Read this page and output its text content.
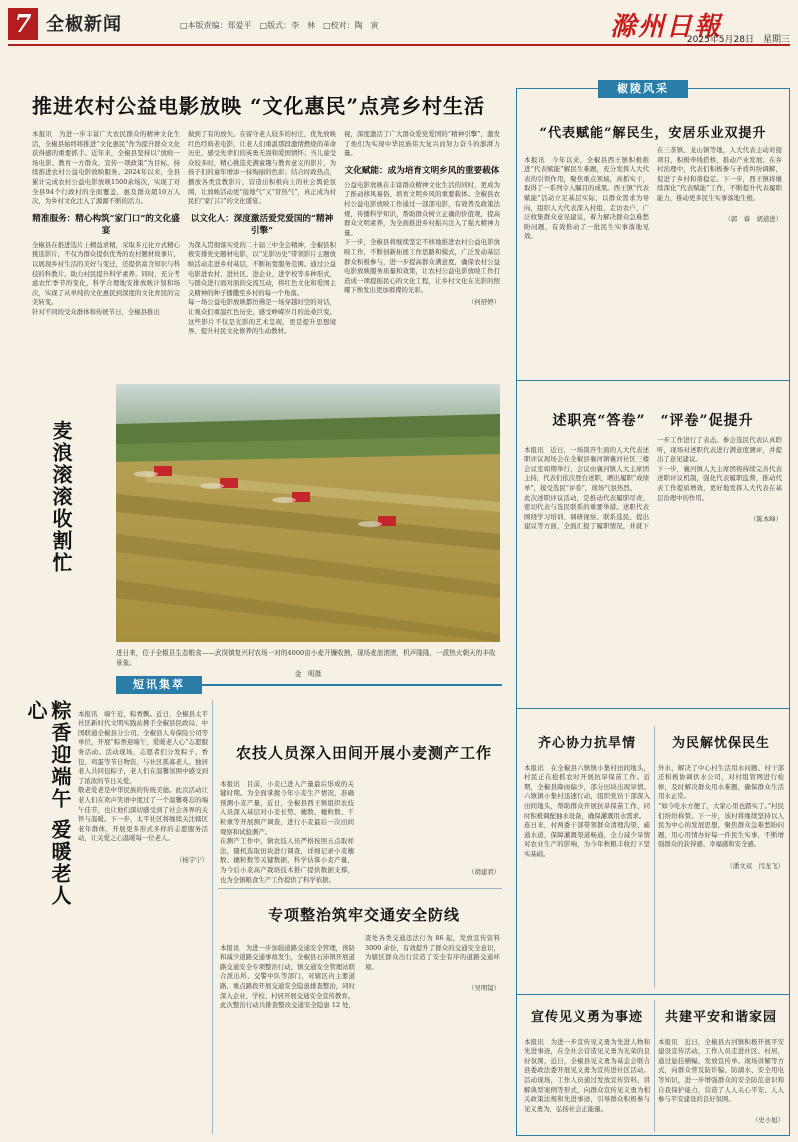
7 全椒新闻	□本版责编：郑爱平　□版式：李　林　□校对：陶　寅	滁州日報
2025年5月28日　星期三
推进农村公益电影放映 “文化惠民”点亮乡村生活
本报讯　为进一步丰富广大农民群众的精神文化生活，全椒县始终将推进“文化惠民”作为提升群众文化获得感的重要抓手。近年来，全椒县坚持以“放映一场电影、教育一方群众、宣传一项政策”为目标，持续推进农村公益电影放映服务。2024年以来，全县累计完成农村公益电影放映1500余场次，实现了对全县94个行政村的全面覆盖，惠及群众超10万人次，为乡村文化注入了源源不断的活力。
精准服务：精心构筑“家门口”的文化盛宴
全椒县在推进选片上精益求精，采取多元化方式精心挑选影片，不仅为群众提供优秀的农村题材故事片，以展现乡村生活的美好与变迁，还提供富含知识与科技的科教片，助力村民提升科学素养。同时，充分考虑农忙季节的变化，科学合理地安排放映计划和场次，实现了从单纯的文化惠民到深度的文化育民的完美转变。
针对不同的受众群体和传统节日，全椒县推出
做到了有的放矢。在留守老人较多的村庄，优先放映红色经典老电影，让老人们重温那段激情燃烧的革命历史，感受先辈们的英勇无畏和爱国情怀；当儿童受众较多时，精心挑选充满童趣与教育意义的影片，为孩子们的童年增添一抹绚丽的色彩；结合时政热点，播放各类宣教影片，营造出积极向上的社会舆论氛围，让放映活动更“接地气”又“冒热气”，真正成为村民们“家门口”的文化盛宴。
以文化人：深度激活爱党爱国的“精神引擎”
为深入贯彻落实党的二十届三中全会精神，全椒县积极安排党史题材电影，以“光影历史”带领影片主题放映活动走进乡村基层，不断拓宽服务范围。通过公益电影进农村、进社区、进企业、进学校等多种形式，与群众进行面对面的交流互动，将红色文化和爱国主义精神的种子播撒至乡村的每一个角落。
每一场公益电影放映都仿佛是一场穿越时空的对话，让观众们重温红色历史，感受峥嵘岁月的沧桑巨变。这些影片不仅是光影的艺术呈现，更是提升思想境界、提升村民文化修养的生动教材。
视，深度激活了广大群众爱党爱国的“精神引擎”，激发了他们为实现中华民族伟大复兴而努力奋斗的澎湃力量。
文化赋能：成为培育文明乡风的重要载体
公益电影放映在丰富群众精神文化生活的同时，更成为了推动移风易俗、培育文明乡风的重要载体。全椒县农村公益电影放映工作通过一部部电影，有效普及政策法规，传播科学知识，帮助群众树立正确的价值观，提高群众文明素养，为全面推进乡村振兴注入了强大精神力量。
下一步，全椒县将继续坚定不移地推进农村公益电影放映工作，不断创新拓展工作思路和模式，广泛发动基层群众积极参与，进一步提高群众满意度，确保农村公益电影放映服务质量和效果，让农村公益电影放映工作打造成一项提振民心的文化工程，让乡村文化在光影的照耀下焕发出更加璀璨的光彩。
（何舒婷）
麦浪滚滚收割忙
进日来，位于全椒县生态粮食——武岗镇复兴村农场一对的4000亩小麦开镰收割，现场麦浪滚滚，机声隆隆，一派热火朝天的丰收景象。
金　明摄
短讯集萃
粽香迎端午 爱暖老人心	本报讯　端午近，粽香飘。近日，全椒县太平社区新时代文明实践站携手全椒县民政局、中国联通全椒县分公司、全椒县人寿保险公司等单位，开展“粽香迎端午，爱暖老人心”志愿服务活动。活动现场，志愿者们分发粽子、香包、鸡蛋等节日物资，与社区孤寡老人、独居老人共同包粽子，老人们在温馨氛围中感受到了浓浓的节日关爱。
敬老爱老是中华民族的传统美德。此次活动让老人们在欢声笑语中度过了一个温馨难忘的端午佳节，也让他们深切感受到了社会各界的关怀与温暖。下一步，太平社区将继续关注辖区老年群体，开展更多形式多样的志愿服务活动，让关爱之心温暖每一位老人。

（杨宇宁）

农技人员深入田间开展小麦测产工作

本报讯　目前，小麦已进入产量最后形成的关键时期。为全面掌握今年小麦生产情况，准确预测小麦产量，近日，全椒县西王镇组织农技人员深入基层对小麦长势、穗数、穗粒数、千粒重等开展测产调查，进行小麦最后一次田间观察和试验测产。
在测产工作中，镇农技人员严格按照五点取样法，随机选取田块进行调查，详细记录小麦穗数、穗粒数等关键数据，科学估算小麦产量，为今后小麦高产栽培技术推广提供数据支撑，也为全镇粮食生产工作提供了科学依据。

（胡建君）
专项整治筑牢交通安全防线

本报讯　为进一步加强道路交通安全管理，预防和减少道路交通事故发生，全椒县石沛镇开展道路交通安全专项整治行动，镇交通安全管理站联合派出所、交警中队等部门，对辖区内主要道路、重点路段开展交通安全隐患排查整治，同时深入企业、学校、村居开展交通安全宣传教育。
此次整治行动共排查整改交通安全隐患 12 处，查处各类交通违法行为 86 起，发放宣传资料 3000 余份，有效提升了群众的交通安全意识，为辖区群众出行营造了安全有序的道路交通环境。

（吴明镜）

椒陵风采
“代表赋能”解民生，安居乐业双提升

本报讯　今年以来，全椒县西王镇积极推进“代表赋能”解民生难题，充分发挥人大代表的引领作用，聚焦重点领域，真抓实干，取得了一系列令人瞩目的成果。西王镇“代表赋能”活动立足基层实际，以群众需求为导向，组织人大代表深入村组、走访农户，广泛收集群众意见建议，着力解决群众急难愁盼问题，有效推动了一批民生实事落地见效。
在三茶镇、龙山镇等地，人大代表主动对接项目，积极牵线搭桥，推动产业发展；在乡村治理中，代表们积极参与矛盾纠纷调解，促进了乡村和谐稳定。下一步，西王镇将继续深化“代表赋能”工作，不断提升代表履职能力，推动更多民生实事落地生根。

（郭　睿　胡道进）

述职亮“答卷”　“评卷”促提升

本报讯　近日，一场别开生面的人大代表述职评议现场会在全椒县襄河镇襄河社区三楼会议室如期举行，会议由襄河镇人大主席团主持，代表们依次登台述职，晒出履职“成绩单”，接受选民“评卷”，现场气氛热烈。
此次述职评议活动，是推动代表履职尽责、密切代表与选民联系的重要举措。述职代表围绕学习培训、调研视察、联系选民、提出建议等方面，全面汇报了履职情况，并就下一步工作进行了表态。参会选民代表认真聆听，现场对述职代表进行满意度测评，并提出了意见建议。
下一步，襄河镇人大主席团将持续完善代表述职评议机制，强化代表履职监督，推动代表工作提质增效，更好地发挥人大代表在基层治理中的作用。

（陈本峰）

齐心协力抗旱情

本报讯　在全椒县六镇镇小集村田间地头，村民正在抢抓农时开展抗旱保苗工作。近期，全椒县降雨偏少，部分田块出现旱情。六镇镇小集村迅速行动，组织党员干部深入田间地头，帮助群众开展抗旱保苗工作，同时积极调配抽水设备，确保灌溉用水需求。
连日来，村两委干部带领群众清理沟渠、疏通水道，保障灌溉渠道畅通，全力减少旱情对农业生产的影响，为今年秋粮丰收打下坚实基础。

为民解忧保民生

外水，解决了中心村生活用水问题。村干部还积极协调供水公司，对村组管网进行检修，及时解决群众用水难题，确保群众生活用水正常。
“如今吃水方便了，大家心里也踏实了。”村民们纷纷称赞。下一步，该村将继续坚持以人民为中心的发展思想，聚焦群众急难愁盼问题，用心用情办好每一件民生实事，不断增强群众的获得感、幸福感和安全感。

（潘文双　闫龙飞）

宣传见义勇为事迹

本报讯　为进一步宣传见义勇为先进人物和先进事迹，在全社会营造见义勇为光荣的良好氛围，近日，全椒县见义勇为基金会联合县委政法委开展见义勇为宣传进社区活动。活动现场，工作人员通过发放宣传资料、讲解典型案例等形式，向群众宣传见义勇为相关政策法规和先进事迹，引导群众积极参与见义勇为，弘扬社会正能量。

共建平安和谐家园

本报讯　近日，全椒县古河镇积极开展平安建设宣传活动，工作人员走进社区、村居，通过悬挂横幅、发放宣传单、现场讲解等方式，向群众普及防诈骗、防溺水、安全用电等知识，进一步增强群众的安全防范意识和自我保护能力，营造了人人关心平安、人人参与平安建设的良好氛围。

（史小旭）
